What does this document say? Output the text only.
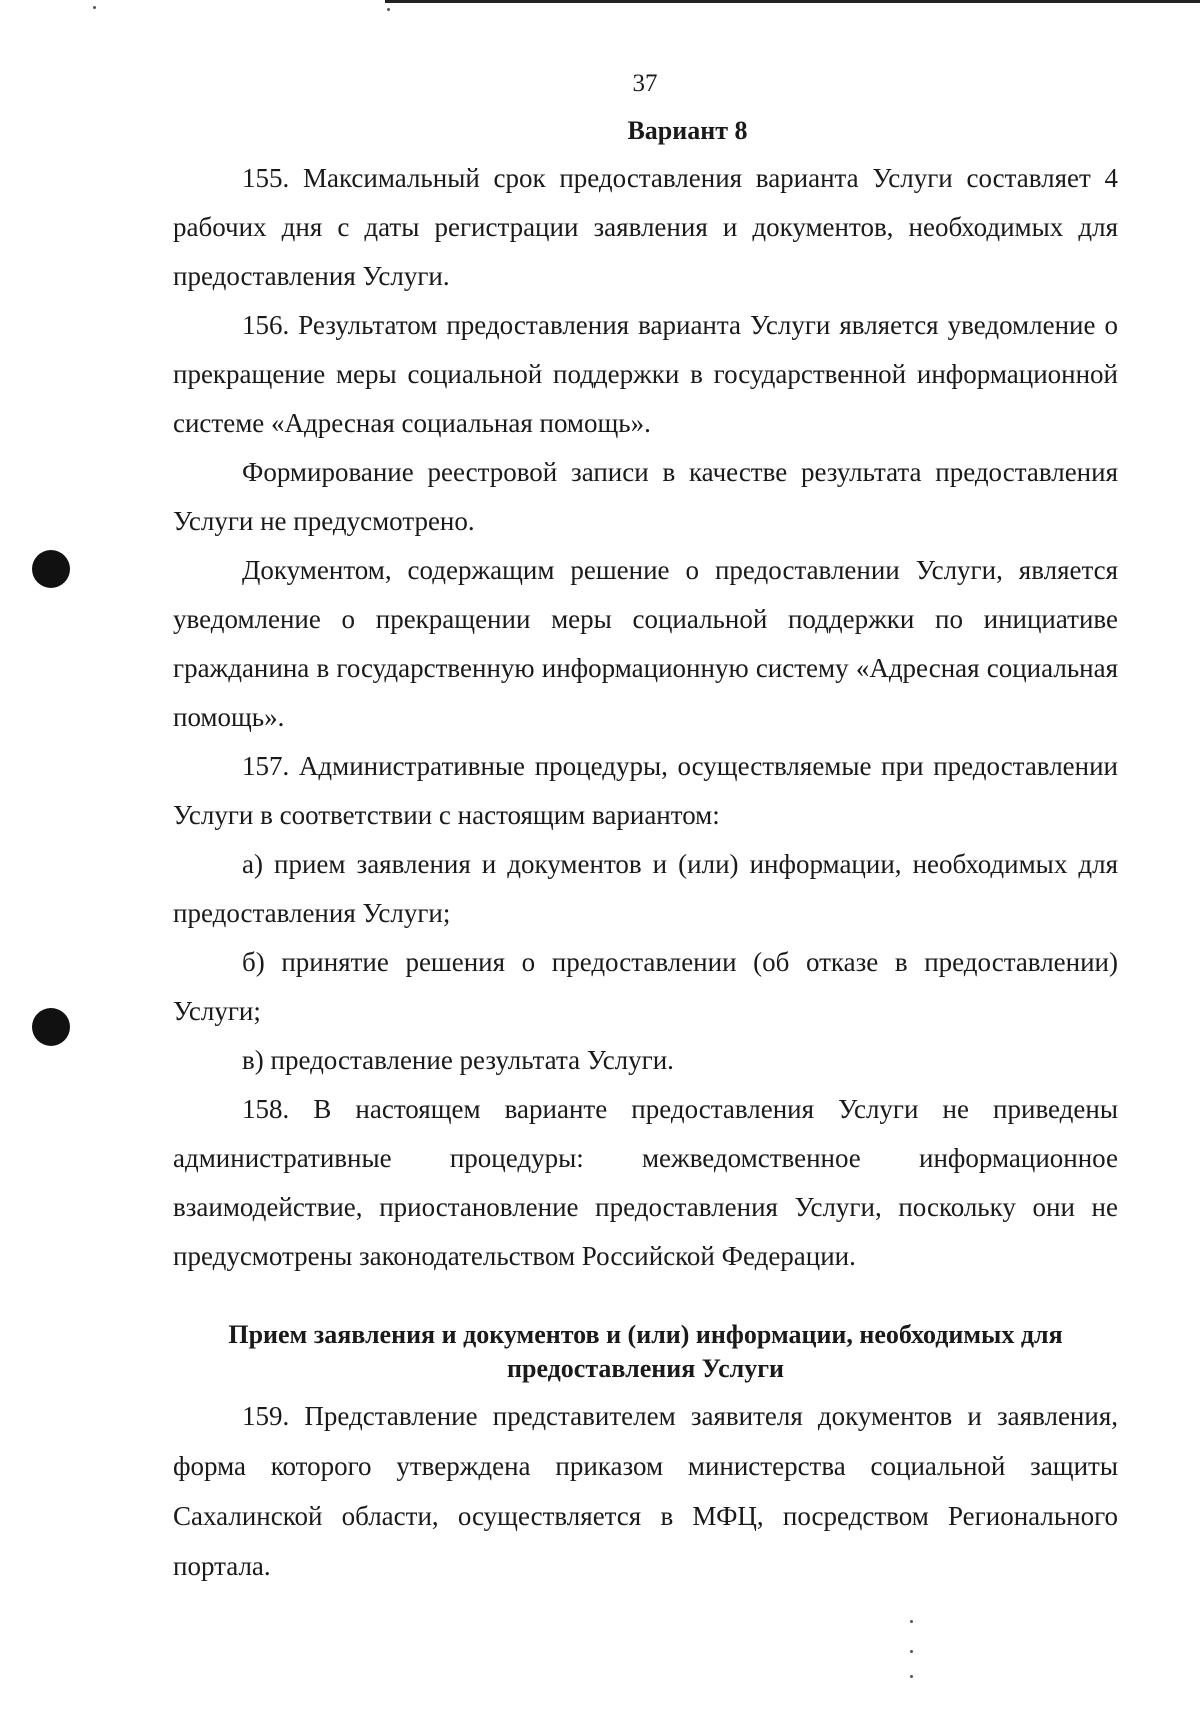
37
Вариант 8

155. Максимальный срок предоставления варианта Услуги составляет 4 рабочих дня с даты регистрации заявления и документов, необходимых для предоставления Услуги.

156. Результатом предоставления варианта Услуги является уведомление о прекращение меры социальной поддержки в государственной информационной системе «Адресная социальная помощь».

Формирование реестровой записи в качестве результата предоставления Услуги не предусмотрено.

Документом, содержащим решение о предоставлении Услуги, является уведомление о прекращении меры социальной поддержки по инициативе гражданина в государственную информационную систему «Адресная социальная помощь».

157. Административные процедуры, осуществляемые при предоставлении Услуги в соответствии с настоящим вариантом:

а) прием заявления и документов и (или) информации, необходимых для предоставления Услуги;

б) принятие решения о предоставлении (об отказе в предоставлении) Услуги;

в) предоставление результата Услуги.

158. В настоящем варианте предоставления Услуги не приведены административные процедуры: межведомственное информационное взаимодействие, приостановление предоставления Услуги, поскольку они не предусмотрены законодательством Российской Федерации.

Прием заявления и документов и (или) информации, необходимых для
предоставления Услуги

159. Представление представителем заявителя документов и заявления, форма которого утверждена приказом министерства социальной защиты Сахалинской области, осуществляется в МФЦ, посредством Регионального портала.
